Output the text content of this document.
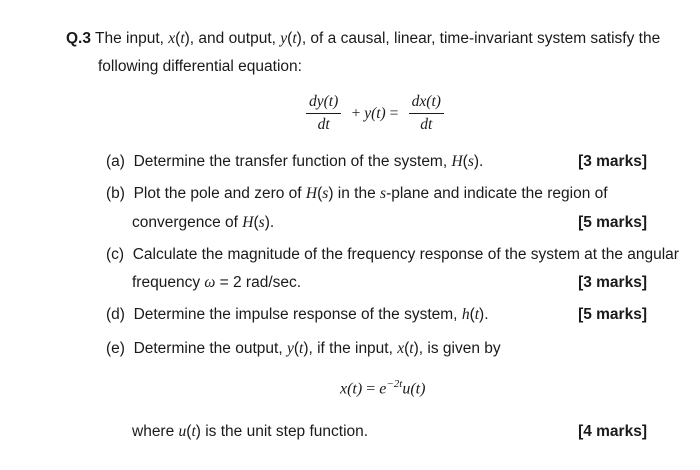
Q.3 The input, x(t), and output, y(t), of a causal, linear, time-invariant system satisfy the
following differential equation:
$\frac{dy(t)}{dt} + y(t) = \frac{dx(t)}{dt}$
(a)  Determine the transfer function of the system, H(s).	[3 marks]
(b)  Plot the pole and zero of H(s) in the s-plane and indicate the region of
convergence of H(s).	[5 marks]
(c)  Calculate the magnitude of the frequency response of the system at the angular
frequency ω = 2 rad/sec.	[3 marks]
(d)  Determine the impulse response of the system, h(t).	[5 marks]
(e)  Determine the output, y(t), if the input, x(t), is given by
$x(t) = e^{-2t}u(t)$
where u(t) is the unit step function.	[4 marks]
